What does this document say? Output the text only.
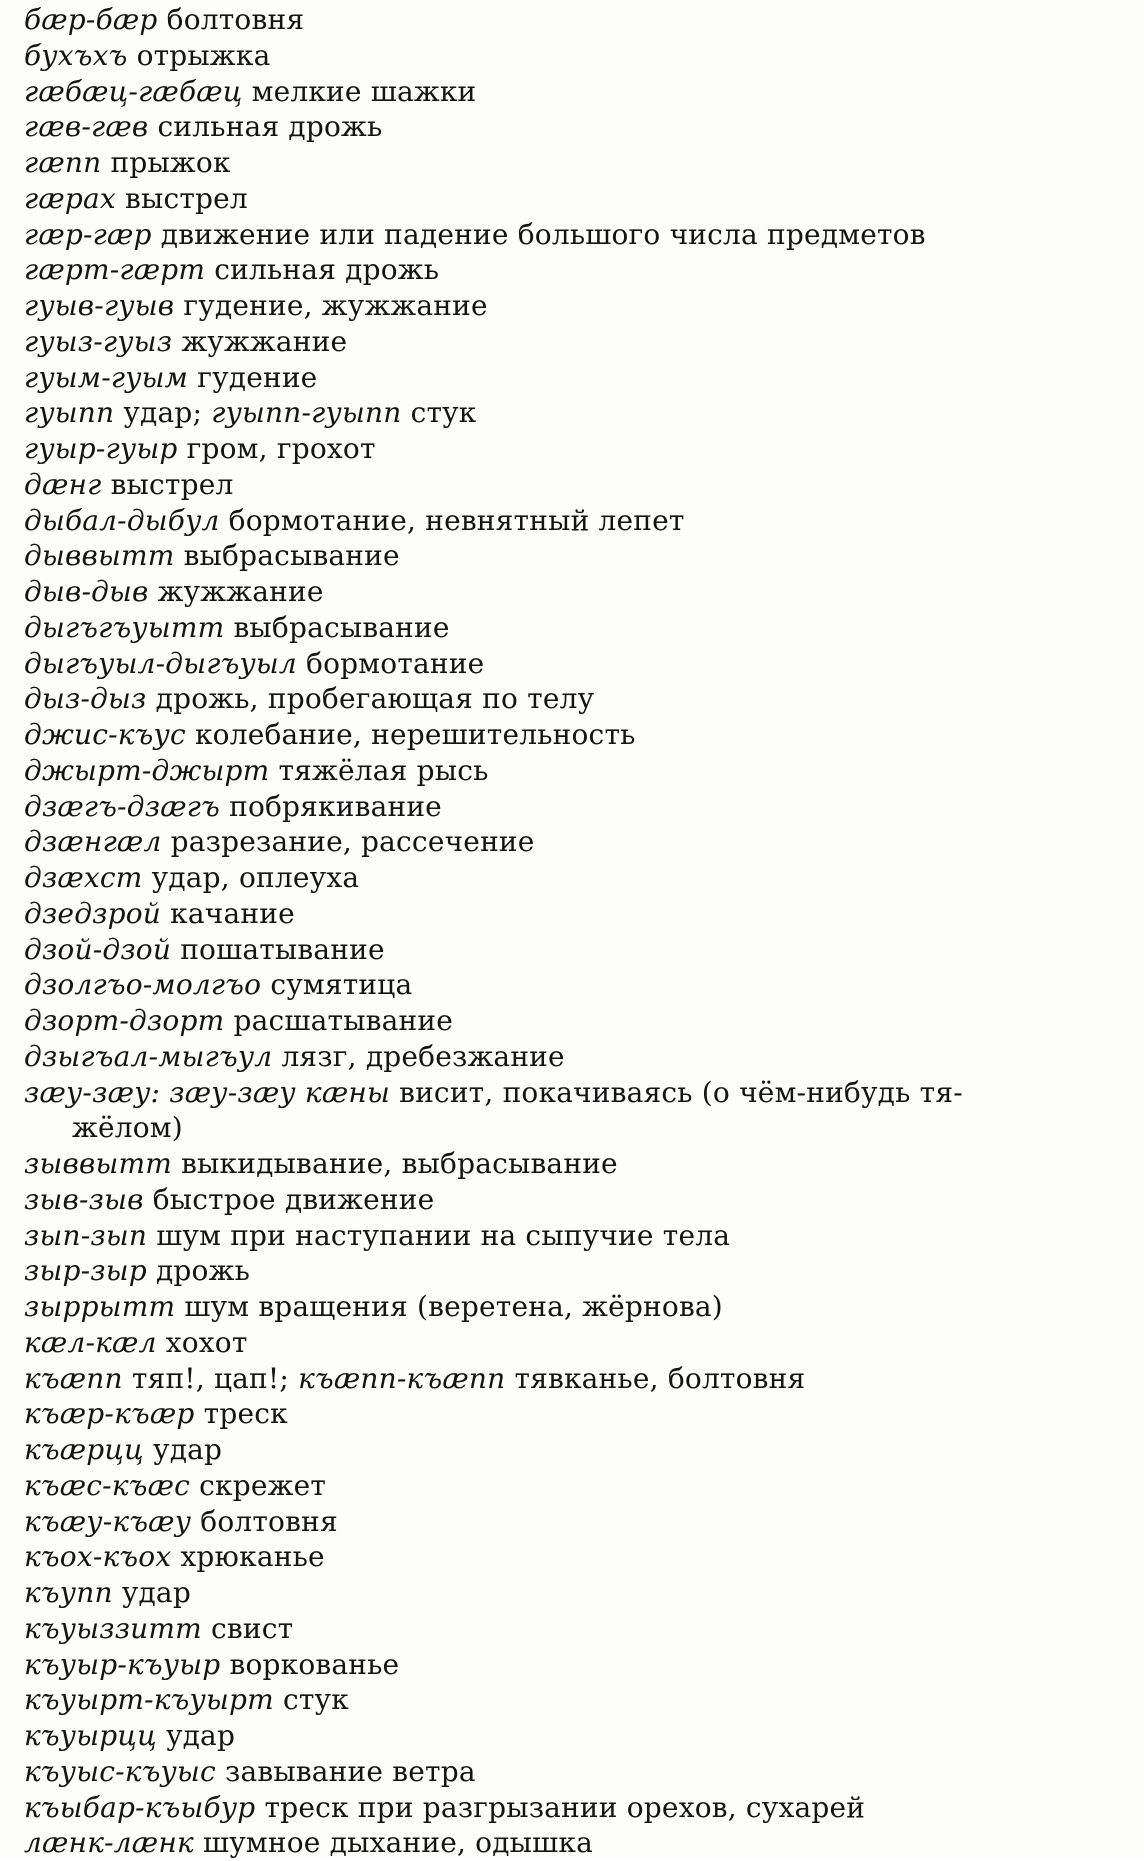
бæр-бæр болтовня
бухъхъ отрыжка
гæбæц-гæбæц мелкие шажки
гæв-гæв сильная дрожь
гæпп прыжок
гæрах выстрел
гæр-гæр движение или падение большого числа предметов
гæрт-гæрт сильная дрожь
гуыв-гуыв гудение, жужжание
гуыз-гуыз жужжание
гуым-гуым гудение
гуыпп удар; гуыпп-гуыпп стук
гуыр-гуыр гром, грохот
дæнг выстрел
дыбал-дыбул бормотание, невнятный лепет
дыввытт выбрасывание
дыв-дыв жужжание
дыгъгъуытт выбрасывание
дыгъуыл-дыгъуыл бормотание
дыз-дыз дрожь, пробегающая по телу
джис-къус колебание, нерешительность
джырт-джырт тяжёлая рысь
дзæгъ-дзæгъ побрякивание
дзæнгæл разрезание, рассечение
дзæхст удар, оплеуха
дзедзрой качание
дзой-дзой пошатывание
дзолгъо-молгъо сумятица
дзорт-дзорт расшатывание
дзыгъал-мыгъул лязг, дребезжание
зæу-зæу: зæу-зæу кæны висит, покачиваясь (о чём-нибудь тя-
жёлом)
зыввытт выкидывание, выбрасывание
зыв-зыв быстрое движение
зып-зып шум при наступании на сыпучие тела
зыр-зыр дрожь
зыррытт шум вращения (веретена, жёрнова)
кæл-кæл хохот
къæпп тяп!, цап!; къæпп-къæпп тявканье, болтовня
къæр-къæр треск
къæрцц удар
къæс-къæс скрежет
къæу-къæу болтовня
къох-къох хрюканье
къупп удар
къуыззитт свист
къуыр-къуыр воркованье
къуырт-къуырт стук
къуырцц удар
къуыс-къуыс завывание ветра
къыбар-къыбур треск при разгрызании орехов, сухарей
лæнк-лæнк шумное дыхание, одышка
